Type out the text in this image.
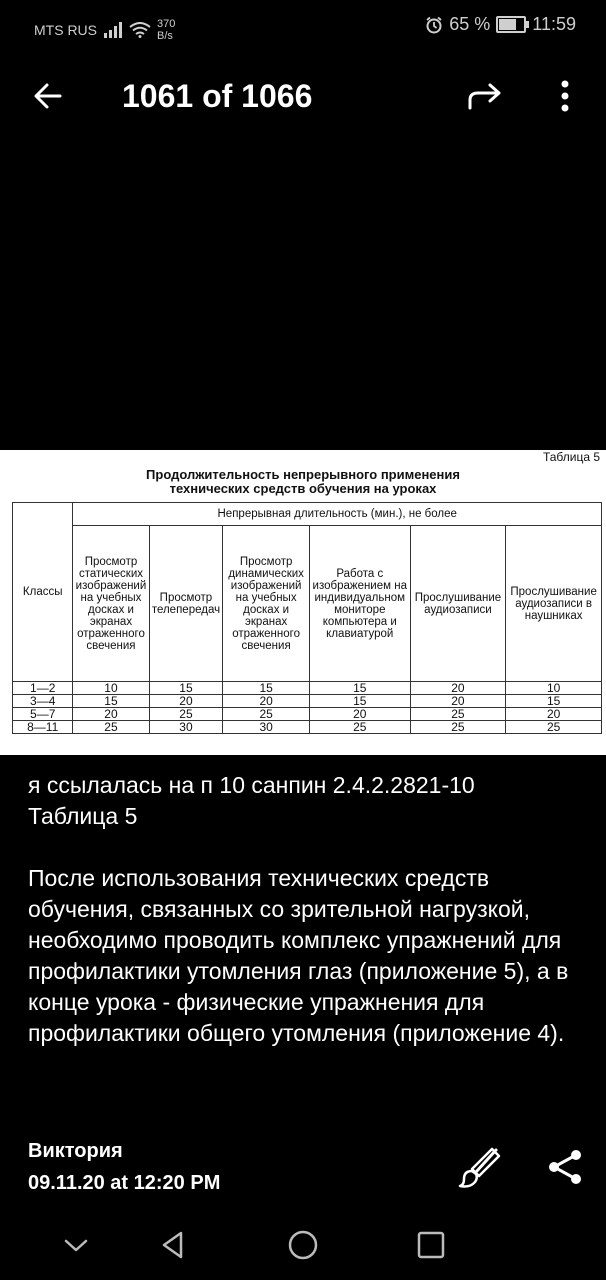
MTS RUS	370
B/s
65 % 11:59
1061 of 1066
Таблица 5
Продолжительность непрерывного применения
технических средств обучения на уроках
Классы	Непрерывная длительность (мин.), не более					
	Просмотр статических изображений на учебных досках и экранах отраженного свечения	Просмотр телепередач	Просмотр динамических изображений на учебных досках и экранах отраженного свечения	Работа с изображением на индивидуальном мониторе компьютера и клавиатурой	Прослушивание аудиозаписи	Прослушивание аудиозаписи в наушниках
1—2	10	15	15	15	20	10
3—4	15	20	20	15	20	15
5—7	20	25	25	20	25	20
8—11	25	30	30	25	25	25

я ссылалась на п 10 санпин 2.4.2.2821-10

Таблица 5

После использования технических средств обучения, связанных со зрительной нагрузкой, необходимо проводить комплекс упражнений для профилактики утомления глаз (приложение 5), а в конце урока - физические упражнения для профилактики общего утомления (приложение 4).

Виктория
09.11.20 at 12:20 PM
